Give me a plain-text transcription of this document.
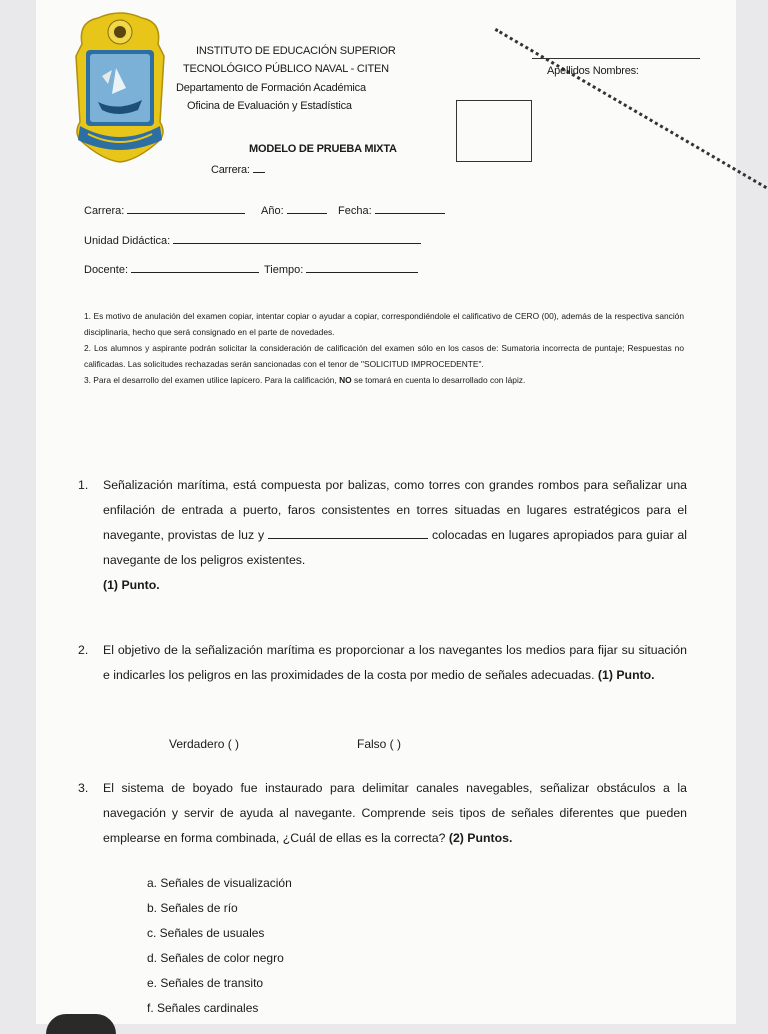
INSTITUTO DE EDUCACIÓN SUPERIOR
TECNOLÓGICO PÚBLICO NAVAL - CITEN
Departamento de Formación Académica
Oficina de Evaluación y Estadística
MODELO DE PRUEBA MIXTA
Carrera:
Apellidos Nombres:
Carrera:	Año:	Fecha:
Unidad Didáctica:
Docente:	Tiempo:
1. Es motivo de anulación del examen copiar, intentar copiar o ayudar a copiar, correspondiéndole el calificativo de CERO (00), además de la respectiva sanción disciplinaria, hecho que será consignado en el parte de novedades.
2. Los alumnos y aspirante podrán solicitar la consideración de calificación del examen sólo en los casos de: Sumatoria incorrecta de puntaje; Respuestas no calificadas. Las solicitudes rechazadas serán sancionadas con el tenor de "SOLICITUD IMPROCEDENTE".
3. Para el desarrollo del examen utilice lapicero. Para la calificación, NO se tomará en cuenta lo desarrollado con lápiz.
1.	Señalización marítima, está compuesta por balizas, como torres con grandes rombos para señalizar una enfilación de entrada a puerto, faros consistentes en torres situadas en lugares estratégicos para el navegante, provistas de luz y	colocadas en lugares apropiados para guiar al navegante de los peligros existentes.
(1) Punto.
2.	El objetivo de la señalización marítima es proporcionar a los navegantes los medios para fijar su situación e indicarles los peligros en las proximidades de la costa por medio de señales adecuadas. (1) Punto.
Verdadero ( )	Falso ( )
3.	El sistema de boyado fue instaurado para delimitar canales navegables, señalizar obstáculos a la navegación y servir de ayuda al navegante. Comprende seis tipos de señales diferentes que pueden emplearse en forma combinada, ¿Cuál de ellas es la correcta? (2) Puntos.
a. Señales de visualización
b. Señales de río
c. Señales de usuales
d. Señales de color negro
e. Señales de transito
f. Señales cardinales
